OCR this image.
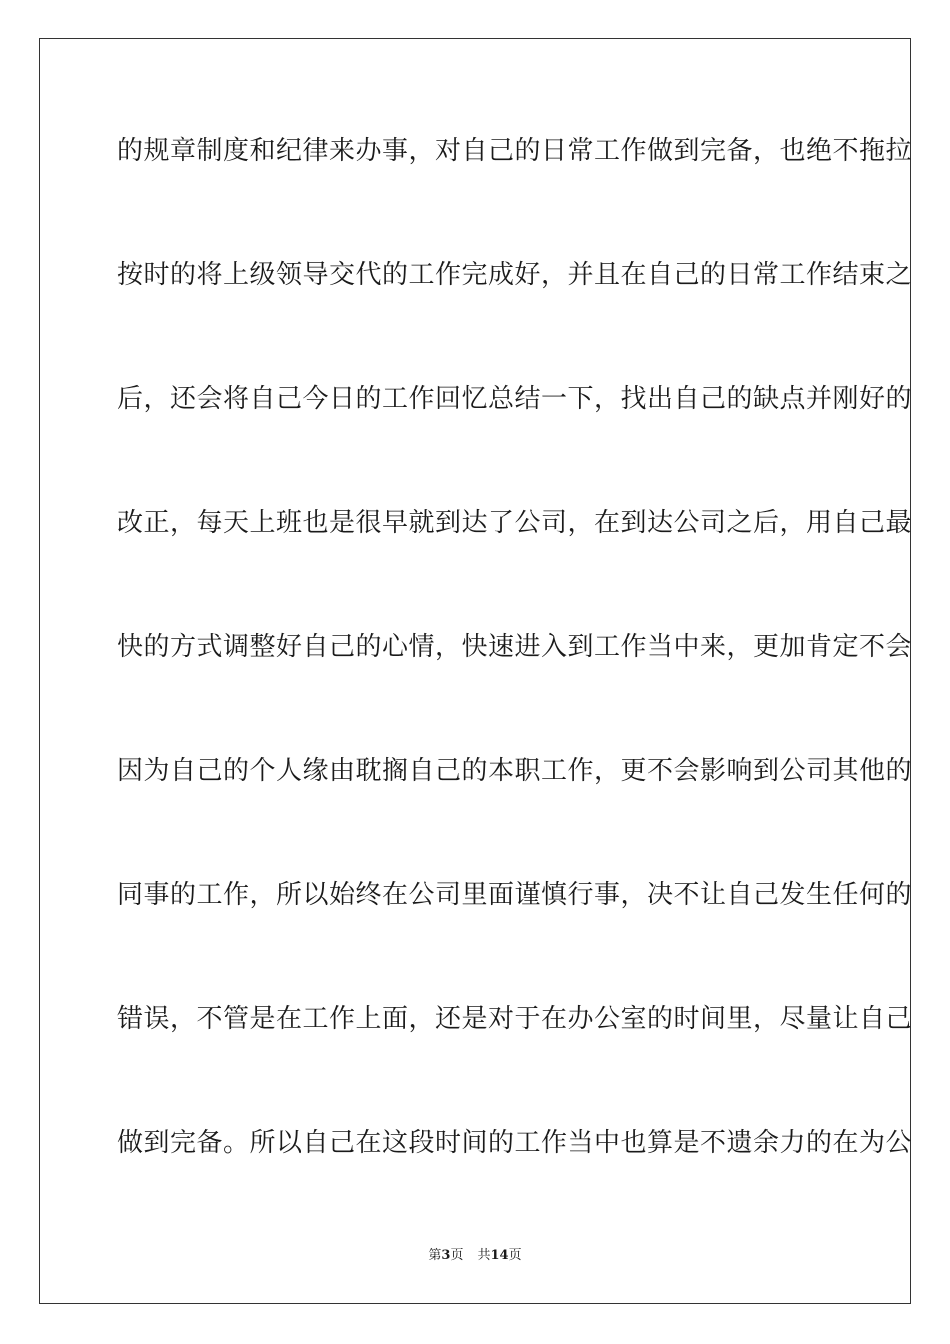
的规章制度和纪律来办事，对自己的日常工作做到完备，也绝不拖拉
按时的将上级领导交代的工作完成好，并且在自己的日常工作结束之
后，还会将自己今日的工作回忆总结一下，找出自己的缺点并刚好的
改正，每天上班也是很早就到达了公司，在到达公司之后，用自己最
快的方式调整好自己的心情，快速进入到工作当中来，更加肯定不会
因为自己的个人缘由耽搁自己的本职工作，更不会影响到公司其他的
同事的工作，所以始终在公司里面谨慎行事，决不让自己发生任何的
错误，不管是在工作上面，还是对于在办公室的时间里，尽量让自己
做到完备。所以自己在这段时间的工作当中也算是不遗余力的在为公
第3页 共14页
